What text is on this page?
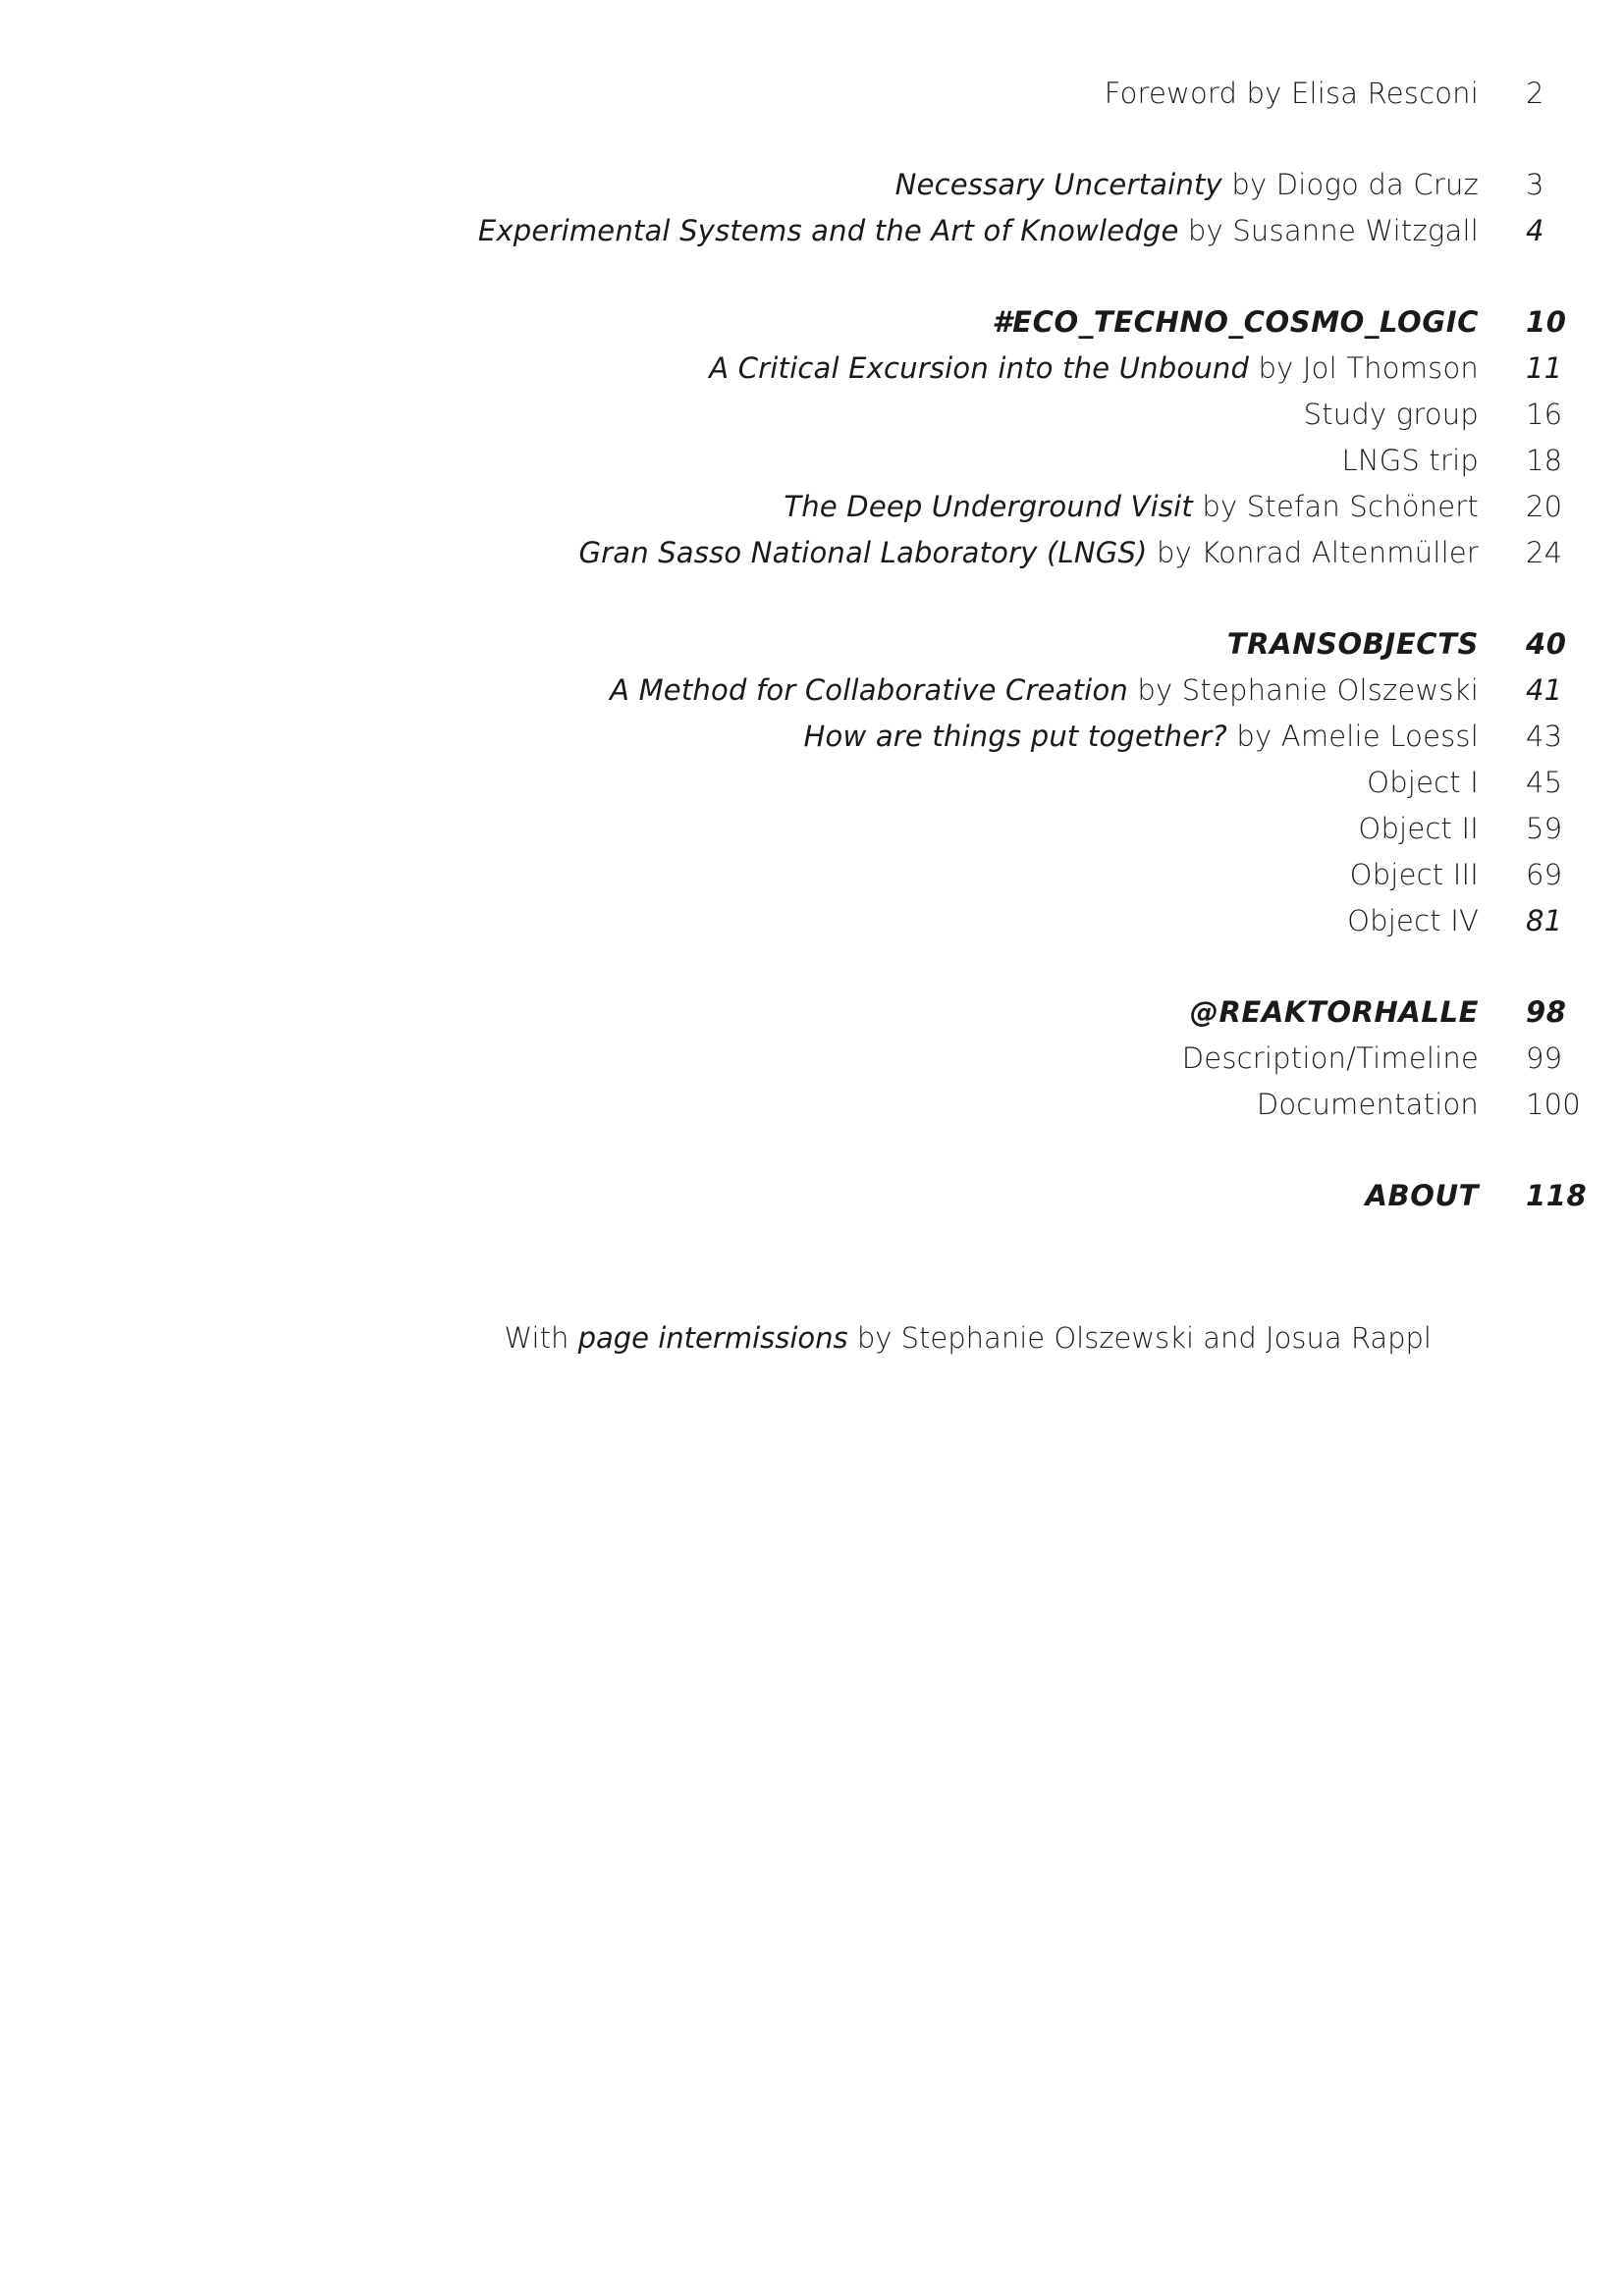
Foreword by Elisa Resconi	2
Necessary Uncertainty by Diogo da Cruz	3
Experimental Systems and the Art of Knowledge by Susanne Witzgall	4
#ECO_TECHNO_COSMO_LOGIC	10
A Critical Excursion into the Unbound by Jol Thomson	11
Study group	16
LNGS trip	18
The Deep Underground Visit by Stefan Schönert	20
Gran Sasso National Laboratory (LNGS) by Konrad Altenmüller	24
TRANSOBJECTS	40
A Method for Collaborative Creation by Stephanie Olszewski	41
How are things put together? by Amelie Loessl	43
Object I	45
Object II	59
Object III	69
Object IV	81
@REAKTORHALLE	98
Description/Timeline	99
Documentation	100
ABOUT	118
With page intermissions by Stephanie Olszewski and Josua Rappl
